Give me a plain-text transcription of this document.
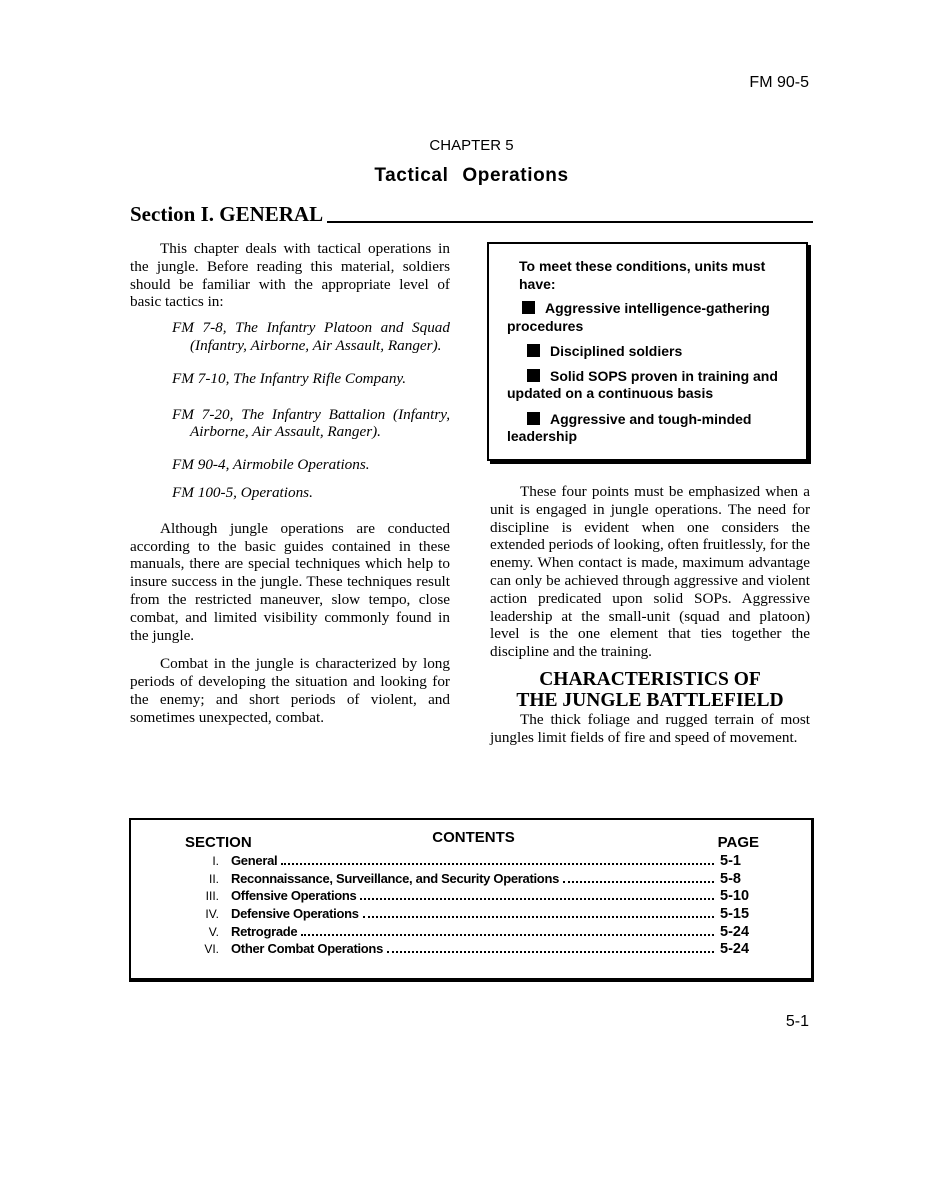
FM 90-5
CHAPTER 5
Tactical Operations
Section I. GENERAL

This chapter deals with tactical operations in the jungle. Before reading this material, soldiers should be familiar with the appropriate level of basic tactics in:

FM 7-8, The Infantry Platoon and Squad (Infantry, Airborne, Air Assault, Ranger).

FM 7-10, The Infantry Rifle Company.

FM 7-20, The Infantry Battalion (Infantry, Airborne, Air Assault, Ranger).

FM 90-4, Airmobile Operations.

FM 100-5, Operations.

Although jungle operations are conducted according to the basic guides contained in these manuals, there are special techniques which help to insure success in the jungle. These techniques result from the restricted maneuver, slow tempo, close combat, and limited visibility commonly found in the jungle.

Combat in the jungle is characterized by long periods of developing the situation and looking for the enemy; and short periods of violent, and sometimes unexpected, combat.

To meet these conditions, units must have:
Aggressive intelligence-gathering procedures
Disciplined soldiers
Solid SOPS proven in training and updated on a continuous basis
Aggressive and tough-minded leadership

These four points must be emphasized when a unit is engaged in jungle operations. The need for discipline is evident when one considers the extended periods of looking, often fruitlessly, for the enemy. When contact is made, maximum advantage can only be achieved through aggressive and violent action predicated upon solid SOPs. Aggressive leadership at the small-unit (squad and platoon) level is the one element that ties together the discipline and the training.

CHARACTERISTICS OF
THE JUNGLE BATTLEFIELD

The thick foliage and rugged terrain of most jungles limit fields of fire and speed of movement.

SECTION	CONTENTS	PAGE
I. General	5-1
II. Reconnaissance, Surveillance, and Security Operations	5-8
III. Offensive Operations	5-10
IV. Defensive Operations	5-15
V. Retrograde	5-24
VI. Other Combat Operations	5-24
5-1
